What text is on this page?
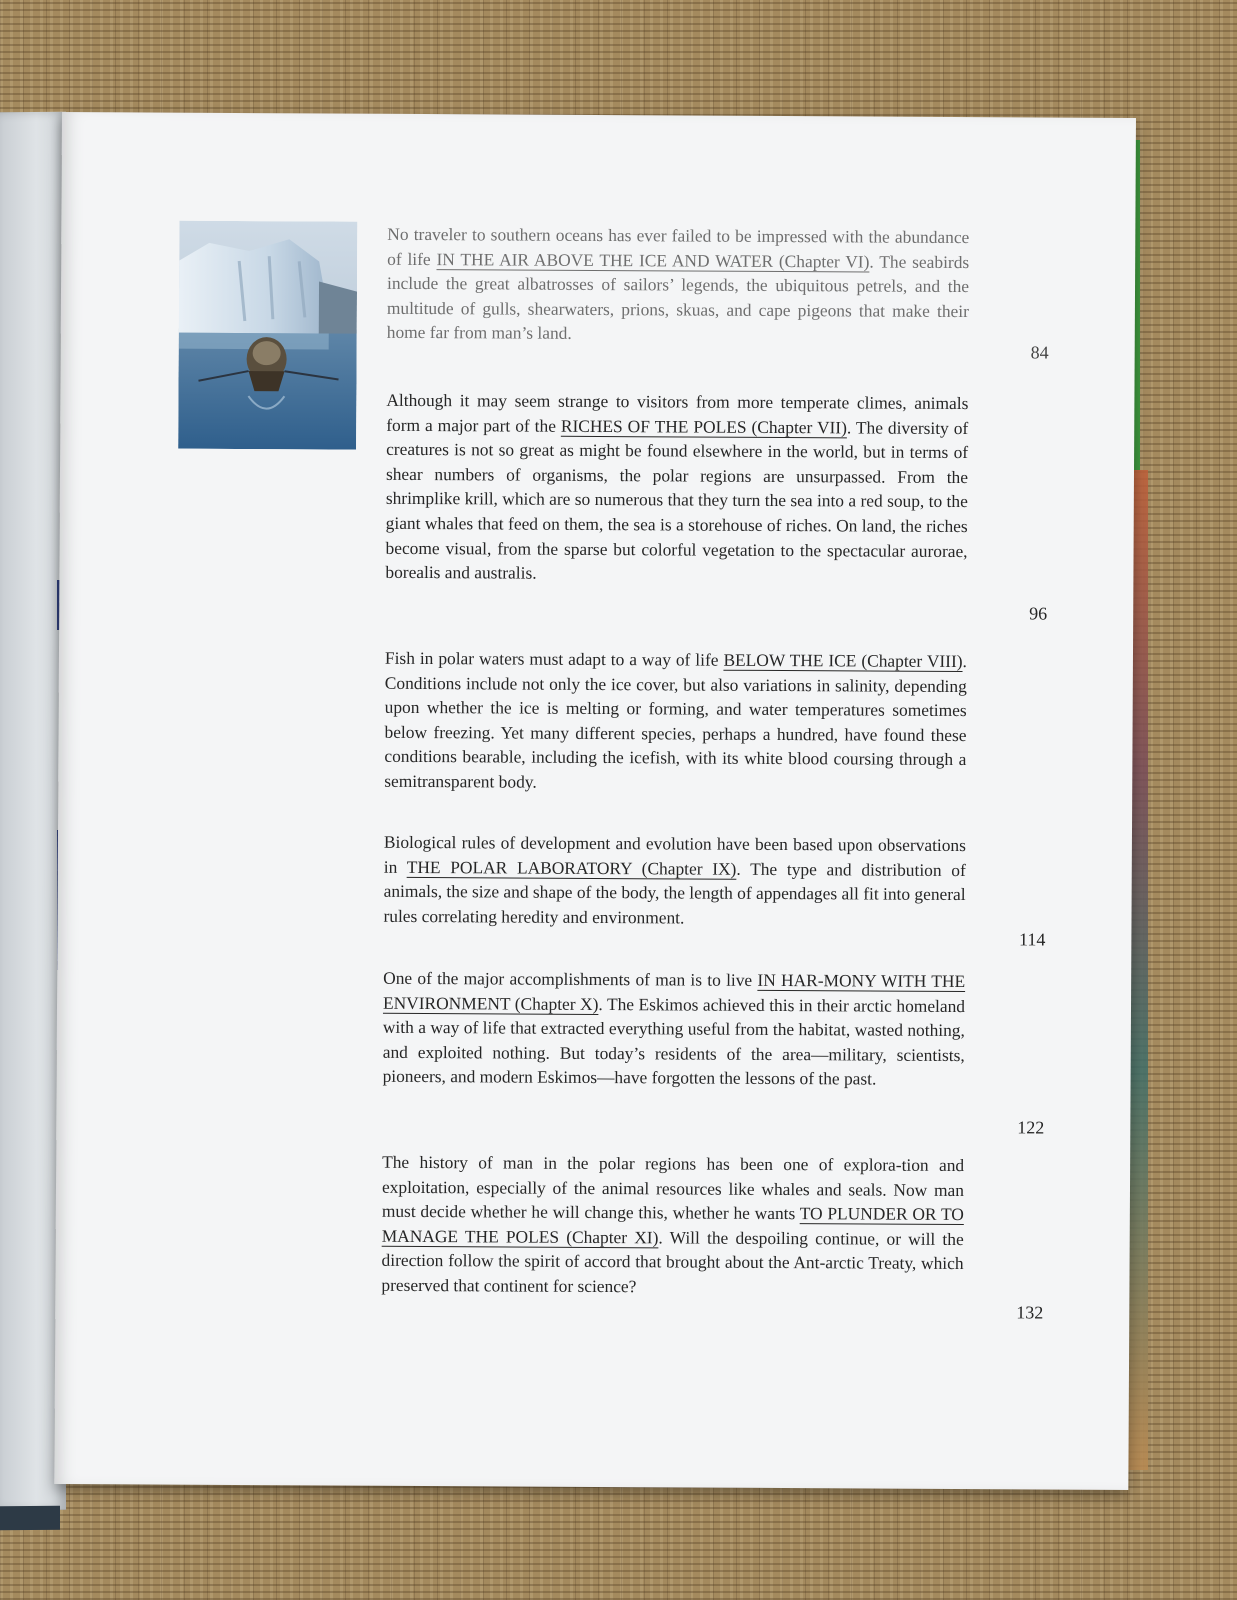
No traveler to southern oceans has ever failed to be impressed with the abundance of life IN THE AIR ABOVE THE ICE AND WATER (Chapter VI). The seabirds include the great albatrosses of sailors’ legends, the ubiquitous petrels, and the multitude of gulls, shearwaters, prions, skuas, and cape pigeons that make their home far from man’s land.

84

Although it may seem strange to visitors from more temperate climes, animals form a major part of the RICHES OF THE POLES (Chapter VII). The diversity of creatures is not so great as might be found elsewhere in the world, but in terms of shear numbers of organisms, the polar regions are unsurpassed. From the shrimplike krill, which are so numerous that they turn the sea into a red soup, to the giant whales that feed on them, the sea is a storehouse of riches. On land, the riches become visual, from the sparse but colorful vegetation to the spectacular aurorae, borealis and australis.

96

Fish in polar waters must adapt to a way of life BELOW THE ICE (Chapter VIII). Conditions include not only the ice cover, but also variations in salinity, depending upon whether the ice is melting or forming, and water temperatures sometimes below freezing. Yet many different species, perhaps a hundred, have found these conditions bearable, including the icefish, with its white blood coursing through a semitransparent body.

Biological rules of development and evolution have been based upon observations in THE POLAR LABORATORY (Chapter IX). The type and distribution of animals, the size and shape of the body, the length of appendages all fit into general rules correlating heredity and environment.

114

One of the major accomplishments of man is to live IN HAR-MONY WITH THE ENVIRONMENT (Chapter X). The Eskimos achieved this in their arctic homeland with a way of life that extracted everything useful from the habitat, wasted nothing, and exploited nothing. But today’s residents of the area—military, scientists, pioneers, and modern Eskimos—have forgotten the lessons of the past.

122

The history of man in the polar regions has been one of explora-tion and exploitation, especially of the animal resources like whales and seals. Now man must decide whether he will change this, whether he wants TO PLUNDER OR TO MANAGE THE POLES (Chapter XI). Will the despoiling continue, or will the direction follow the spirit of accord that brought about the Ant-arctic Treaty, which preserved that continent for science?

132
